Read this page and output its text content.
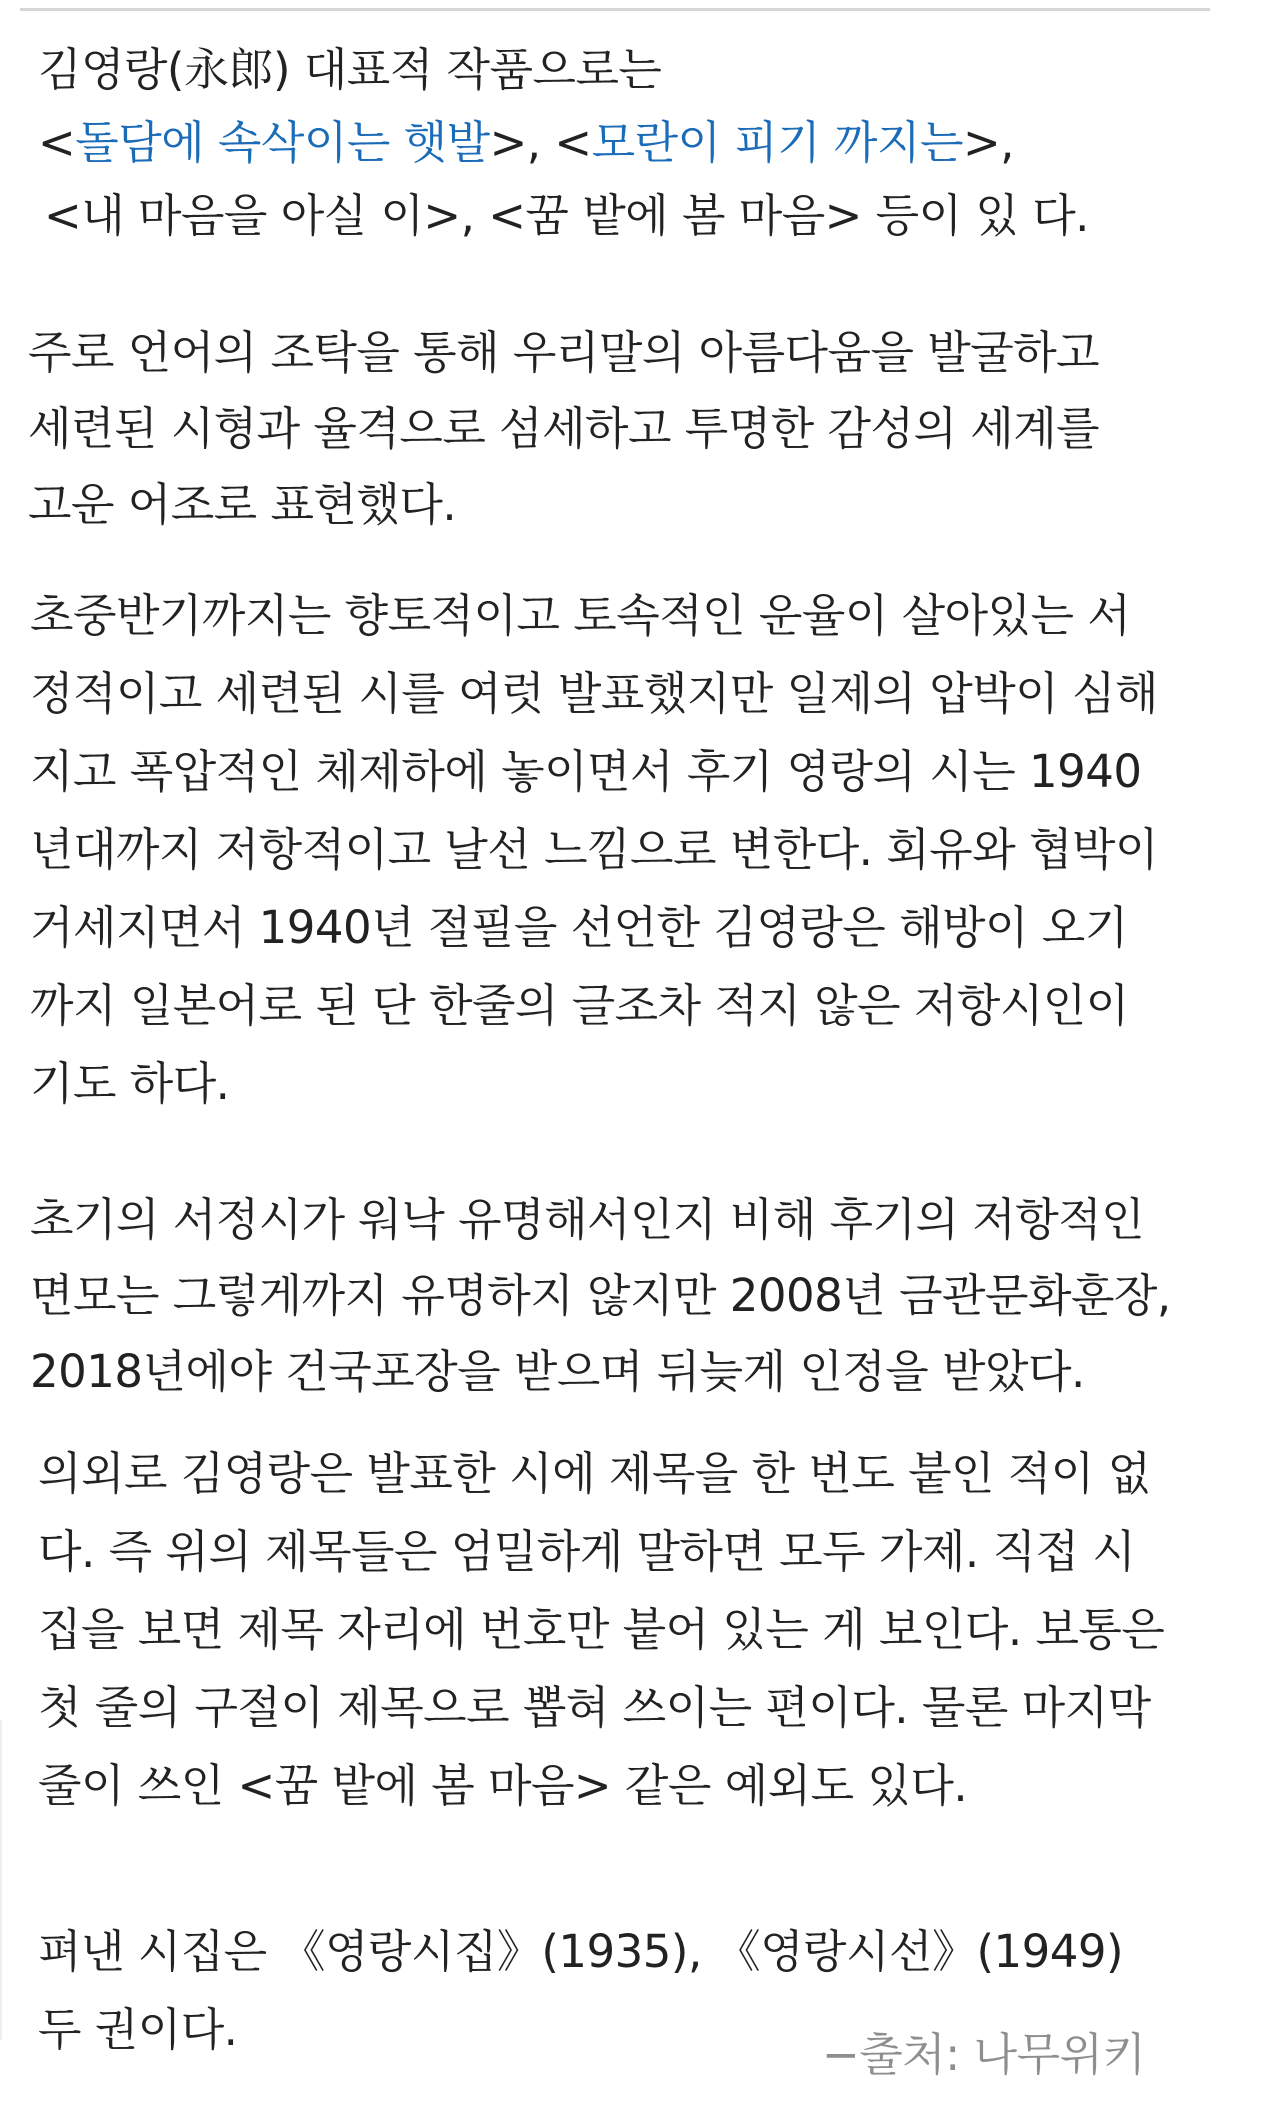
김영랑(永郎) 대표적 작품으로는
<돌담에 속삭이는 햇발>, <모란이 피기 까지는>,
<내 마음을 아실 이>, <꿈 밭에 봄 마음> 등이 있 다.
주로 언어의 조탁을 통해 우리말의 아름다움을 발굴하고
세련된 시형과 율격으로 섬세하고 투명한 감성의 세계를
고운 어조로 표현했다.
초중반기까지는 향토적이고 토속적인 운율이 살아있는 서
정적이고 세련된 시를 여럿 발표했지만 일제의 압박이 심해
지고 폭압적인 체제하에 놓이면서 후기 영랑의 시는 1940
년대까지 저항적이고 날선 느낌으로 변한다. 회유와 협박이
거세지면서 1940년 절필을 선언한 김영랑은 해방이 오기
까지 일본어로 된 단 한줄의 글조차 적지 않은 저항시인이
기도 하다.
초기의 서정시가 워낙 유명해서인지 비해 후기의 저항적인
면모는 그렇게까지 유명하지 않지만 2008년 금관문화훈장,
2018년에야 건국포장을 받으며 뒤늦게 인정을 받았다.
의외로 김영랑은 발표한 시에 제목을 한 번도 붙인 적이 없
다. 즉 위의 제목들은 엄밀하게 말하면 모두 가제. 직접 시
집을 보면 제목 자리에 번호만 붙어 있는 게 보인다. 보통은
첫 줄의 구절이 제목으로 뽑혀 쓰이는 편이다. 물론 마지막
줄이 쓰인 <꿈 밭에 봄 마음> 같은 예외도 있다.
펴낸 시집은 《영랑시집》(1935), 《영랑시선》(1949)
두 권이다.	−출처: 나무위키
